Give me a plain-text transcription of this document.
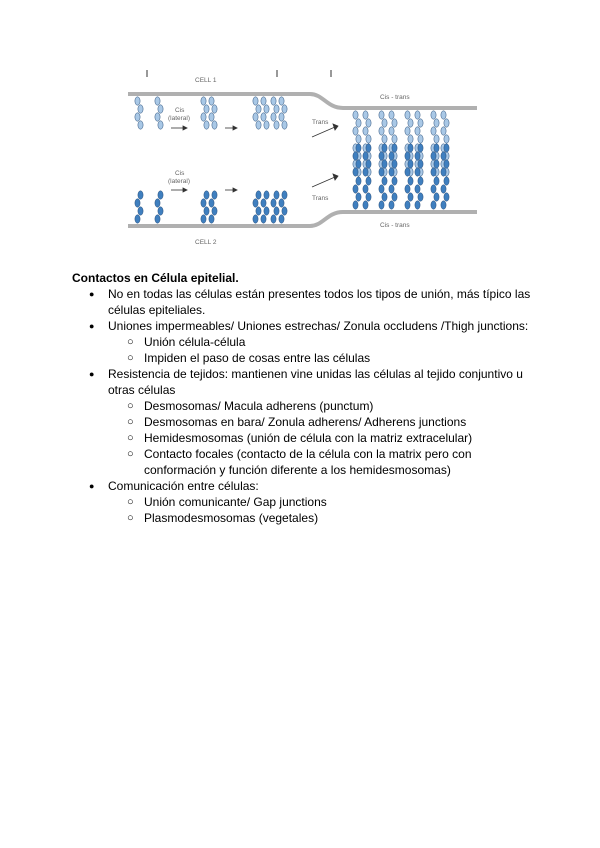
CELL 1
CELL 2
Cis
(lateral)
Cis
(lateral)
Trans
Trans
Cis - trans
Cis - trans

Contactos en Célula epitelial.

● No en todas las células están presentes todos los tipos de unión, más típico las células epiteliales.
● Uniones impermeables/ Uniones estrechas/ Zonula occludens /Thigh junctions:
○ Unión célula-célula
○ Impiden el paso de cosas entre las células
● Resistencia de tejidos: mantienen vine unidas las células al tejido conjuntivo u otras células
○ Desmosomas/ Macula adherens (punctum)
○ Desmosomas en bara/ Zonula adherens/ Adherens junctions
○ Hemidesmosomas (unión de célula con la matriz extracelular)
○ Contacto focales (contacto de la célula con la matrix pero con conformación y función diferente a los hemidesmosomas)
● Comunicación entre células:
○ Unión comunicante/ Gap junctions
○ Plasmodesmosomas (vegetales)
